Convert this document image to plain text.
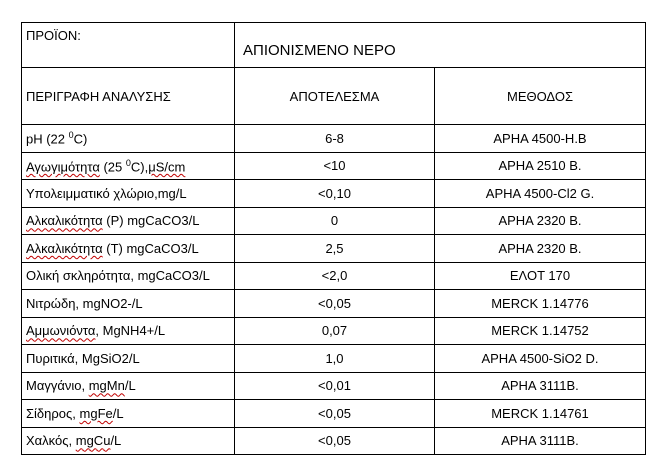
ΠΡΟΪΟΝ:	ΑΠΙΟΝΙΣΜΕΝΟ ΝΕΡΟ	
ΠΕΡΙΓΡΑΦΗ ΑΝΑΛΥΣΗΣ	ΑΠΟΤΕΛΕΣΜΑ	ΜΕΘΟΔΟΣ
pH (22 $^0$C)	6-8	APHA 4500-H.B
Αγωγιμότητα (25 $^0$C),μS/cm	<10	APHA 2510 B.
Υπολειμματικό χλώριο,mg/L	<0,10	APHA 4500-Cl2 G.
Αλκαλικότητα (P) mgCaCO3/L	0	APHA 2320 B.
Αλκαλικότητα (T) mgCaCO3/L	2,5	APHA 2320 B.
Ολική σκληρότητα, mgCaCO3/L	<2,0	ΕΛΟΤ 170
Νιτρώδη, mgNO2-/L	<0,05	MERCK 1.14776
Αμμωνιόντα, MgNH4+/L	0,07	MERCK 1.14752
Πυριτικά, MgSiO2/L	1,0	APHA 4500-SiO2 D.
Μαγγάνιο, mgMn/L	<0,01	APHA 3111B.
Σίδηρος, mgFe/L	<0,05	MERCK 1.14761
Χαλκός, mgCu/L	<0,05	APHA 3111B.
